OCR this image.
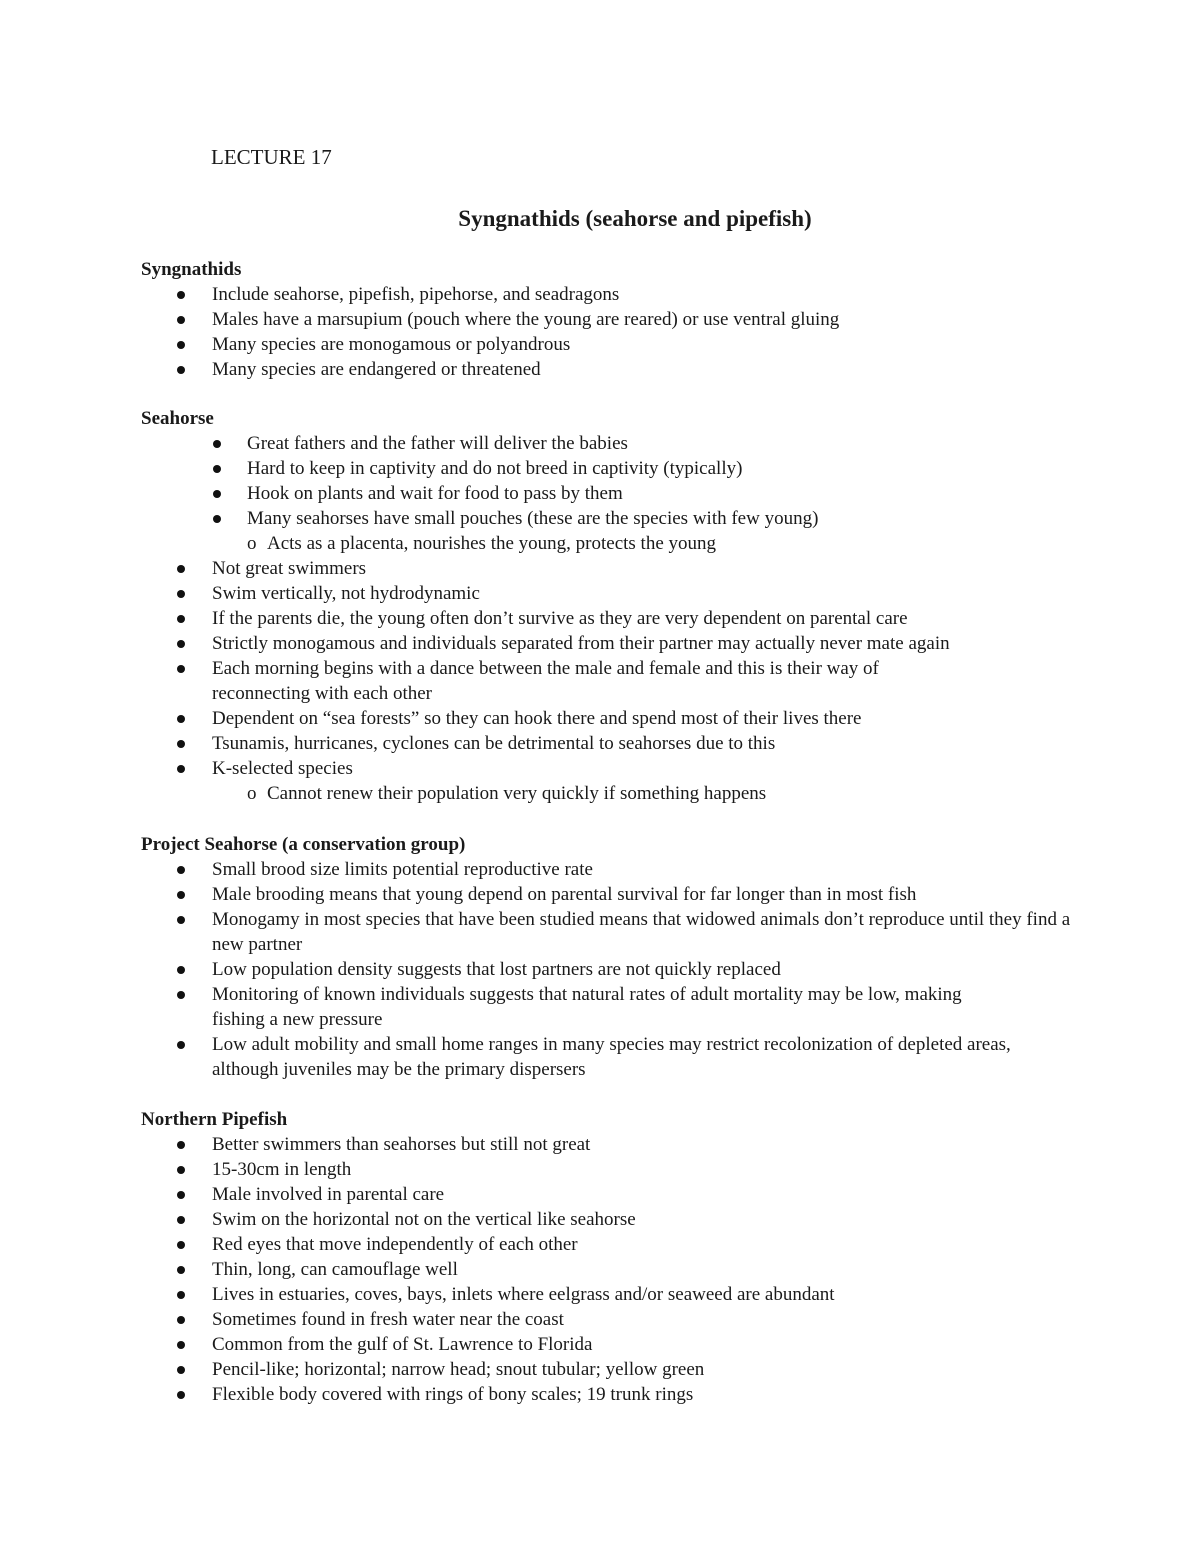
LECTURE 17
Syngnathids (seahorse and pipefish)
Syngnathids
Include seahorse, pipefish, pipehorse, and seadragons
Males have a marsupium (pouch where the young are reared) or use ventral gluing
Many species are monogamous or polyandrous
Many species are endangered or threatened
Seahorse
Great fathers and the father will deliver the babies
Hard to keep in captivity and do not breed in captivity (typically)
Hook on plants and wait for food to pass by them
Many seahorses have small pouches (these are the species with few young)
o Acts as a placenta, nourishes the young, protects the young
Not great swimmers
Swim vertically, not hydrodynamic
If the parents die, the young often don’t survive as they are very dependent on parental care
Strictly monogamous and individuals separated from their partner may actually never mate again
Each morning begins with a dance between the male and female and this is their way of reconnecting with each other
Dependent on “sea forests” so they can hook there and spend most of their lives there
Tsunamis, hurricanes, cyclones can be detrimental to seahorses due to this
K-selected species
o Cannot renew their population very quickly if something happens
Project Seahorse (a conservation group)
Small brood size limits potential reproductive rate
Male brooding means that young depend on parental survival for far longer than in most fish
Monogamy in most species that have been studied means that widowed animals don’t reproduce until they find a new partner
Low population density suggests that lost partners are not quickly replaced
Monitoring of known individuals suggests that natural rates of adult mortality may be low, making fishing a new pressure
Low adult mobility and small home ranges in many species may restrict recolonization of depleted areas, although juveniles may be the primary dispersers
Northern Pipefish
Better swimmers than seahorses but still not great
15-30cm in length
Male involved in parental care
Swim on the horizontal not on the vertical like seahorse
Red eyes that move independently of each other
Thin, long, can camouflage well
Lives in estuaries, coves, bays, inlets where eelgrass and/or seaweed are abundant
Sometimes found in fresh water near the coast
Common from the gulf of St. Lawrence to Florida
Pencil-like; horizontal; narrow head; snout tubular; yellow green
Flexible body covered with rings of bony scales; 19 trunk rings
